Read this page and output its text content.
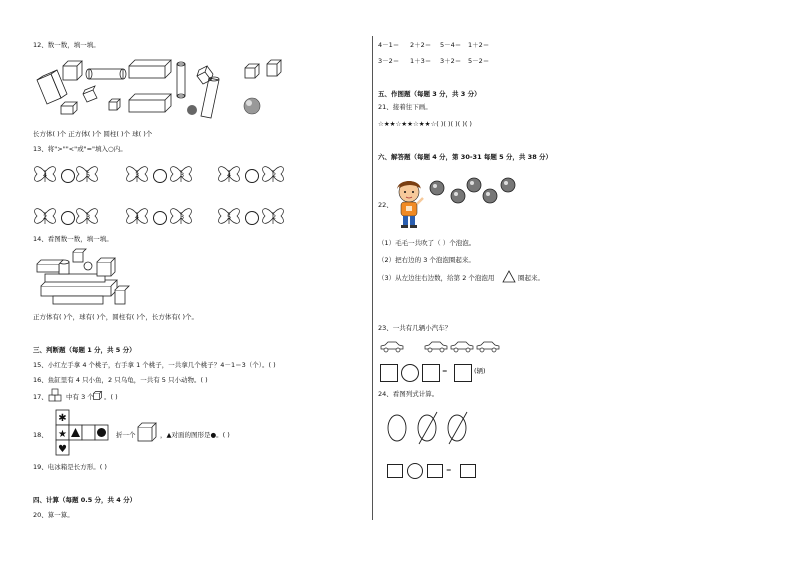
12、数一数，填一填。
长方体( )个 正方体( )个 圆柱( )个 球( )个
13、将">""<"或"="填入○内。
4	5	3	3	4	2
2	3	4	3	5	2
14、看图数一数，填一填。
正方体有( )个，球有( )个，圆柱有( )个，长方体有( )个。
三、判断题（每题 1 分，共 5 分）
15、小红左手拿 4 个桃子，右手拿 1 个桃子，一共拿几个桃子？4－1＝3（个）。( )
16、鱼缸里有 4 只小鱼，2 只乌龟，一共有 5 只小动物。( )
17、	中有 3 个 。( )
18、
✱
★
♥
折一个	，▲对面的图形是●。( )
19、电冰箱是长方形。( )
四、计算（每题 0.5 分，共 4 分）
20、算一算。
4－1＝ 2＋2＝ 5－4＝ 1＋2＝
3－2＝ 1＋3＝ 3＋2＝ 5－2＝
五、作图题（每题 3 分，共 3 分）
21、接着往下画。
☆★★☆★★☆★★☆( )( )( )( )( )
六、解答题（每题 4 分，第 30-31 每题 5 分，共 38 分）
22、
（1）毛毛一共吹了（ ）个泡泡。
（2）把右边的 3 个泡泡圈起来。
（3）从左边往右边数，给第 2 个泡泡用	圈起来。
23、一共有几辆小汽车？
=	(辆)
24、看图列式计算。
=
